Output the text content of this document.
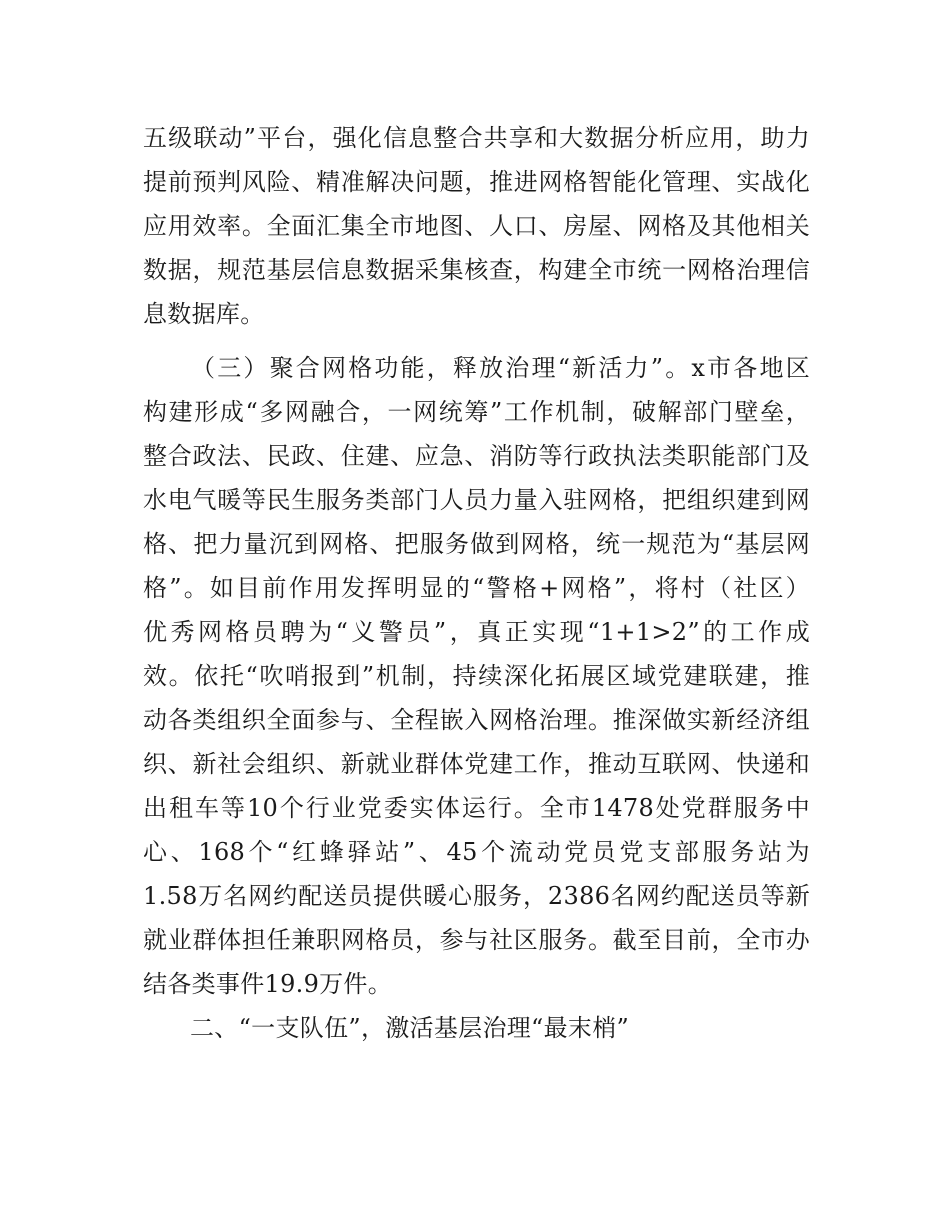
五级联动”平台，强化信息整合共享和大数据分析应用，助力
提前预判风险、精准解决问题，推进网格智能化管理、实战化
应用效率。全面汇集全市地图、人口、房屋、网格及其他相关
数据，规范基层信息数据采集核查，构建全市统一网格治理信
息数据库。
（三）聚合网格功能，释放治理“新活力”。x市各地区
构建形成“多网融合，一网统筹”工作机制，破解部门壁垒，
整合政法、民政、住建、应急、消防等行政执法类职能部门及
水电气暖等民生服务类部门人员力量入驻网格，把组织建到网
格、把力量沉到网格、把服务做到网格，统一规范为“基层网
格”。如目前作用发挥明显的“警格+网格”，将村（社区）
优秀网格员聘为“义警员”，真正实现“1+1>2”的工作成
效。依托“吹哨报到”机制，持续深化拓展区域党建联建，推
动各类组织全面参与、全程嵌入网格治理。推深做实新经济组
织、新社会组织、新就业群体党建工作，推动互联网、快递和
出租车等10个行业党委实体运行。全市1478处党群服务中
心、168个“红蜂驿站”、45个流动党员党支部服务站为
1.58万名网约配送员提供暖心服务，2386名网约配送员等新
就业群体担任兼职网格员，参与社区服务。截至目前，全市办
结各类事件19.9万件。
二、“一支队伍”，激活基层治理“最末梢”
